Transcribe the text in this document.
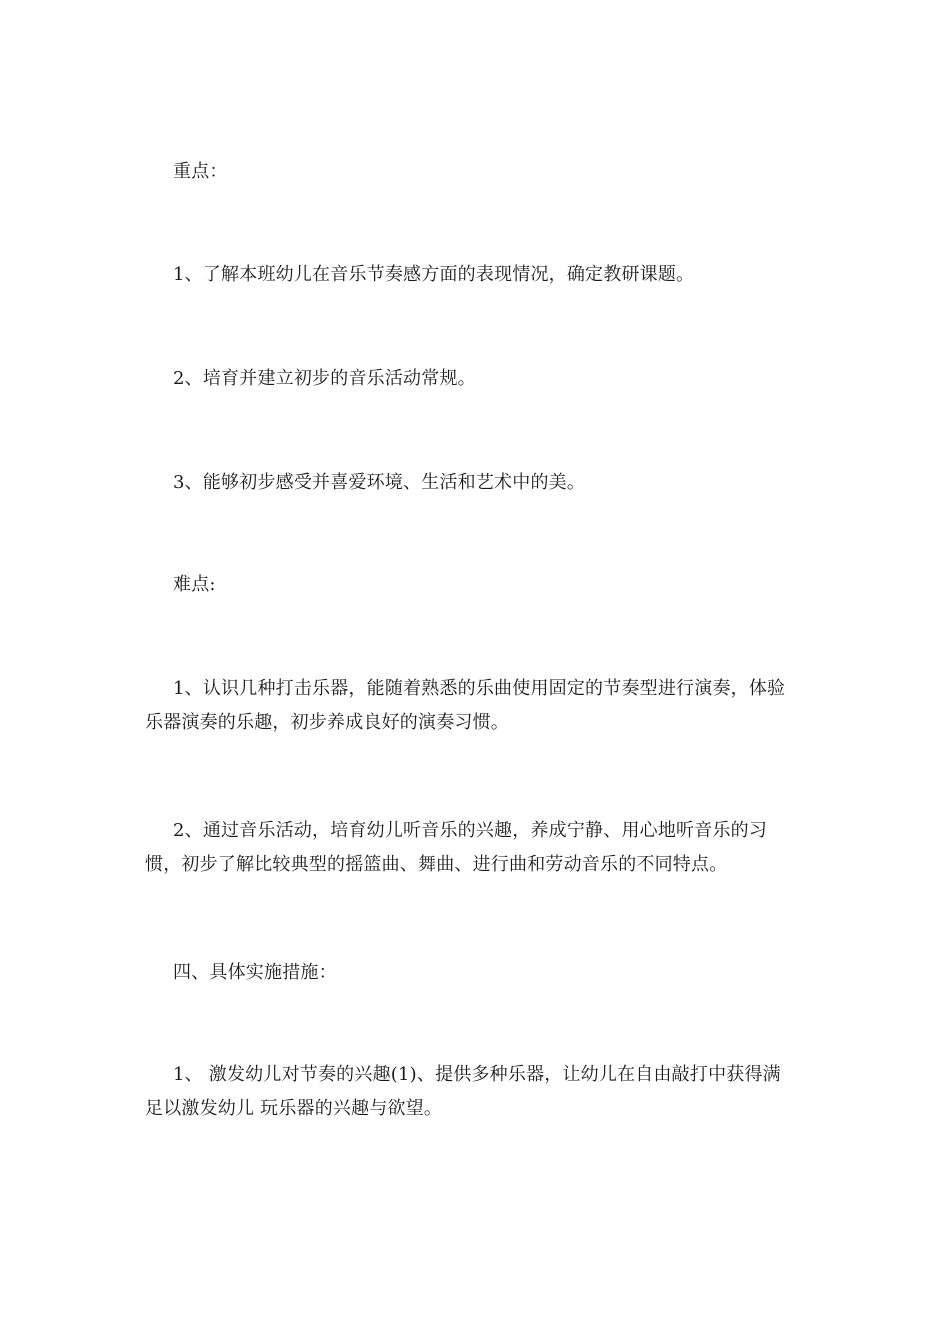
重点：
1、了解本班幼儿在音乐节奏感方面的表现情况，确定教研课题。
2、培育并建立初步的音乐活动常规。
3、能够初步感受并喜爱环境、生活和艺术中的美。
难点:
1、认识几种打击乐器，能随着熟悉的乐曲使用固定的节奏型进行演奏，体验乐器演奏的乐趣，初步养成良好的演奏习惯。
2、通过音乐活动，培育幼儿听音乐的兴趣，养成宁静、用心地听音乐的习惯，初步了解比较典型的摇篮曲、舞曲、进行曲和劳动音乐的不同特点。
四、具体实施措施：
1、 激发幼儿对节奏的兴趣(1)、提供多种乐器，让幼儿在自由敲打中获得满足以激发幼儿 玩乐器的兴趣与欲望。
